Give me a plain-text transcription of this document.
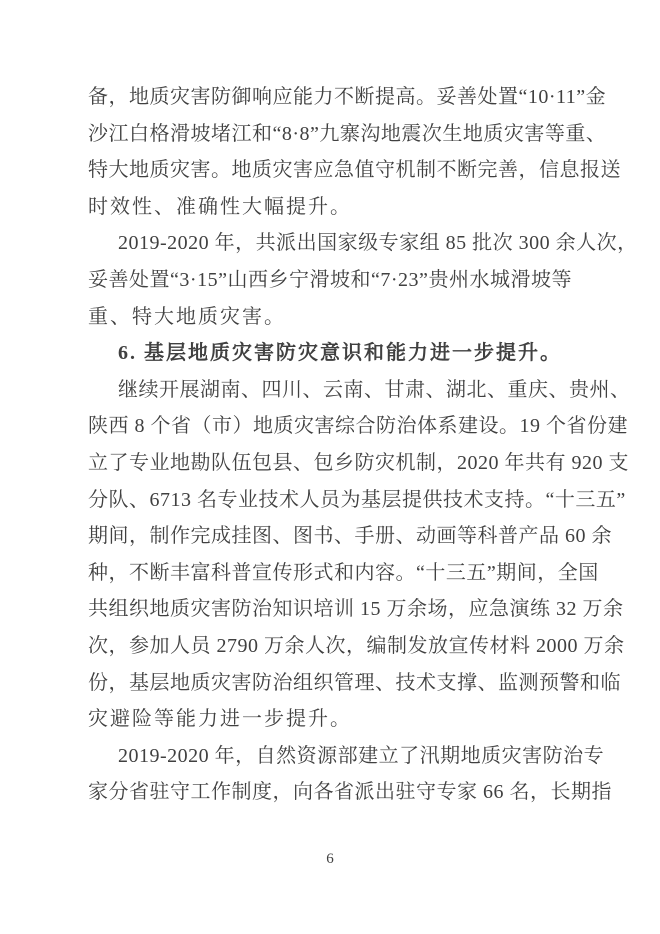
备，地质灾害防御响应能力不断提高。妥善处置“10·11”金
沙江白格滑坡堵江和“8·8”九寨沟地震次生地质灾害等重、
特大地质灾害。地质灾害应急值守机制不断完善，信息报送
时效性、准确性大幅提升。
2019-2020 年，共派出国家级专家组 85 批次 300 余人次，
妥善处置“3·15”山西乡宁滑坡和“7·23”贵州水城滑坡等
重、特大地质灾害。
6. 基层地质灾害防灾意识和能力进一步提升。
继续开展湖南、四川、云南、甘肃、湖北、重庆、贵州、
陕西 8 个省（市）地质灾害综合防治体系建设。19 个省份建
立了专业地勘队伍包县、包乡防灾机制，2020 年共有 920 支
分队、6713 名专业技术人员为基层提供技术支持。“十三五”
期间，制作完成挂图、图书、手册、动画等科普产品 60 余
种，不断丰富科普宣传形式和内容。“十三五”期间，全国
共组织地质灾害防治知识培训 15 万余场，应急演练 32 万余
次，参加人员 2790 万余人次，编制发放宣传材料 2000 万余
份，基层地质灾害防治组织管理、技术支撑、监测预警和临
灾避险等能力进一步提升。
2019-2020 年，自然资源部建立了汛期地质灾害防治专
家分省驻守工作制度，向各省派出驻守专家 66 名，长期指
6
